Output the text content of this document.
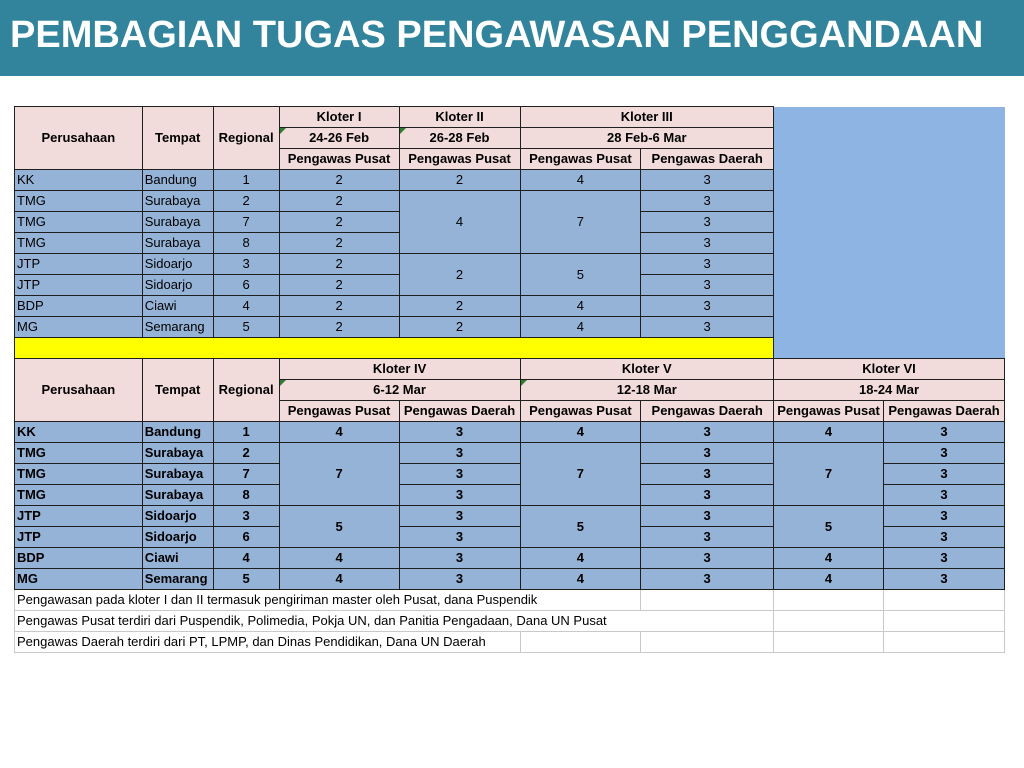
PEMBAGIAN TUGAS PENGAWASAN PENGGANDAAN
Perusahaan	Tempat	Regional	Kloter I	Kloter II	Kloter III			
			24-26 Feb	26-28 Feb	28 Feb-6 Mar			
			Pengawas Pusat	Pengawas Pusat	Pengawas Pusat	Pengawas Daerah		
KK	Bandung	1	2	2	4	3		
TMG	Surabaya	2	2	4	7	3		
TMG	Surabaya	7	2			3		
TMG	Surabaya	8	2			3		
JTP	Sidoarjo	3	2	2	5	3		
JTP	Sidoarjo	6	2			3		
BDP	Ciawi	4	2	2	4	3		
MG	Semarang	5	2	2	4	3		

Perusahaan	Tempat	Regional	Kloter IV		Kloter V		Kloter VI	
			6-12 Mar		12-18 Mar		18-24 Mar	
			Pengawas Pusat	Pengawas Daerah	Pengawas Pusat	Pengawas Daerah	Pengawas Pusat	Pengawas Daerah
KK	Bandung	1	4	3	4	3	4	3
TMG	Surabaya	2	7	3	7	3	7	3
TMG	Surabaya	7		3		3		3
TMG	Surabaya	8		3		3		3
JTP	Sidoarjo	3	5	3	5	3	5	3
JTP	Sidoarjo	6		3		3		3
BDP	Ciawi	4	4	3	4	3	4	3
MG	Semarang	5	4	3	4	3	4	3
Pengawasan pada kloter I dan II termasuk pengiriman master oleh Pusat, dana Puspendik								
Pengawas Pusat terdiri dari Puspendik, Polimedia, Pokja UN, dan Panitia Pengadaan, Dana UN Pusat								
Pengawas Daerah terdiri dari PT, LPMP, dan Dinas Pendidikan, Dana UN Daerah								
